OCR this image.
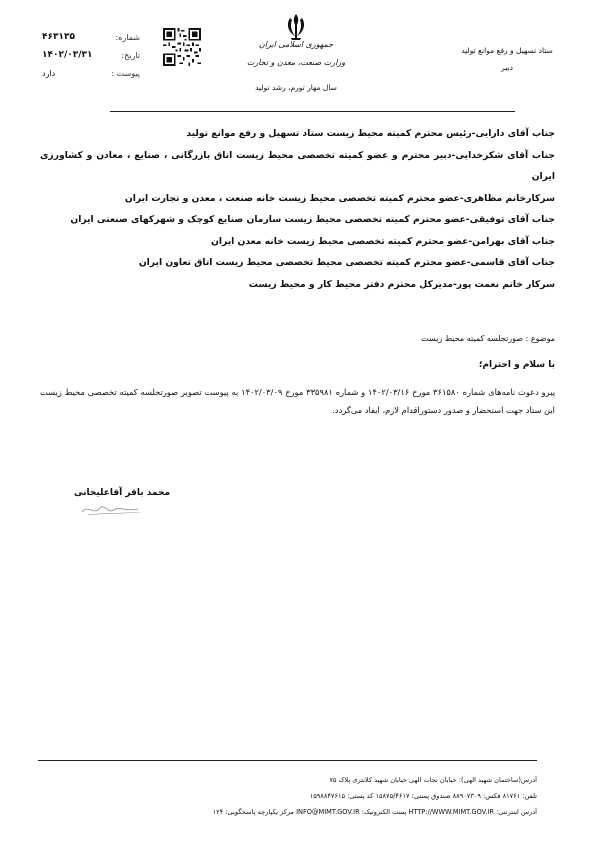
ستاد تسهیل و رفع موانع تولید
دبیر
جمهوری اسلامی ایران
وزارت صنعت، معدن و تجارت
سال مهار تورم، رشد تولید
شماره:
۴۶۳۱۳۵
تاریخ:
۱۴۰۲/۰۳/۳۱
پیوست :
دارد
جناب آقای دارایی-رئیس محترم کمیته محیط زیست ستاد تسهیل و رفع موانع تولید
جناب آقای شکرخدایی-دبیر محترم و عضو کمیته تخصصی محیط زیست اتاق بازرگانی ، صنایع ، معادن و کشاورزی ایران
سرکارخانم مظاهری-عضو محترم کمیته تخصصی محیط زیست خانه صنعت ، معدن و تجارت ایران
جناب آقای توفیقی-عضو محترم کمیته تخصصی محیط زیست سازمان صنایع کوچک و شهرکهای صنعتی ایران
جناب آقای بهرامن-عضو محترم کمیته تخصصی محیط زیست خانه معدن ایران
جناب آقای قاسمی-عضو محترم کمیته تخصصی محیط تخصصی محیط زیست اتاق تعاون ایران
سرکار خانم نعمت پور-مدیرکل محترم دفتر محیط کار و محیط زیست
موضوع : صورتجلسه کمیته محیط زیست
با سلام و احترام؛
پیرو دعوت نامه‌های شماره ۳۶۱۵۸۰ مورخ ۱۴۰۲/۰۳/۱۶ و شماره ۳۳۵۹۸۱ مورخ ۱۴۰۲/۰۳/۰۹ به پیوست تصویر صورتجلسه کمیته تخصصی محیط زیست این ستاد جهت استحضار و صدور دستوراقدام لازم، ایفاد می‌گردد.
محمد باقر آقاعلیخانی
آدرس(ساختمان شهید الهی): خیابان نجات الهی خیابان شهید کلانتری پلاک ۷۵
تلفن: ۸۱۷۶۱ فکس: ۸۸۹۰۷۳۰۹ صندوق پستی: ۱۵۸۷۵/۴۶۱۷ کد پستی: ۱۵۹۸۸۴۷۶۱۵
آدرس اینترنتی: HTTP://WWW.MIMT.GOV.IR پست الکترونیک: INFO@MIMT.GOV.IR مرکز یکپارچه پاسخگویی: ۱۲۴
